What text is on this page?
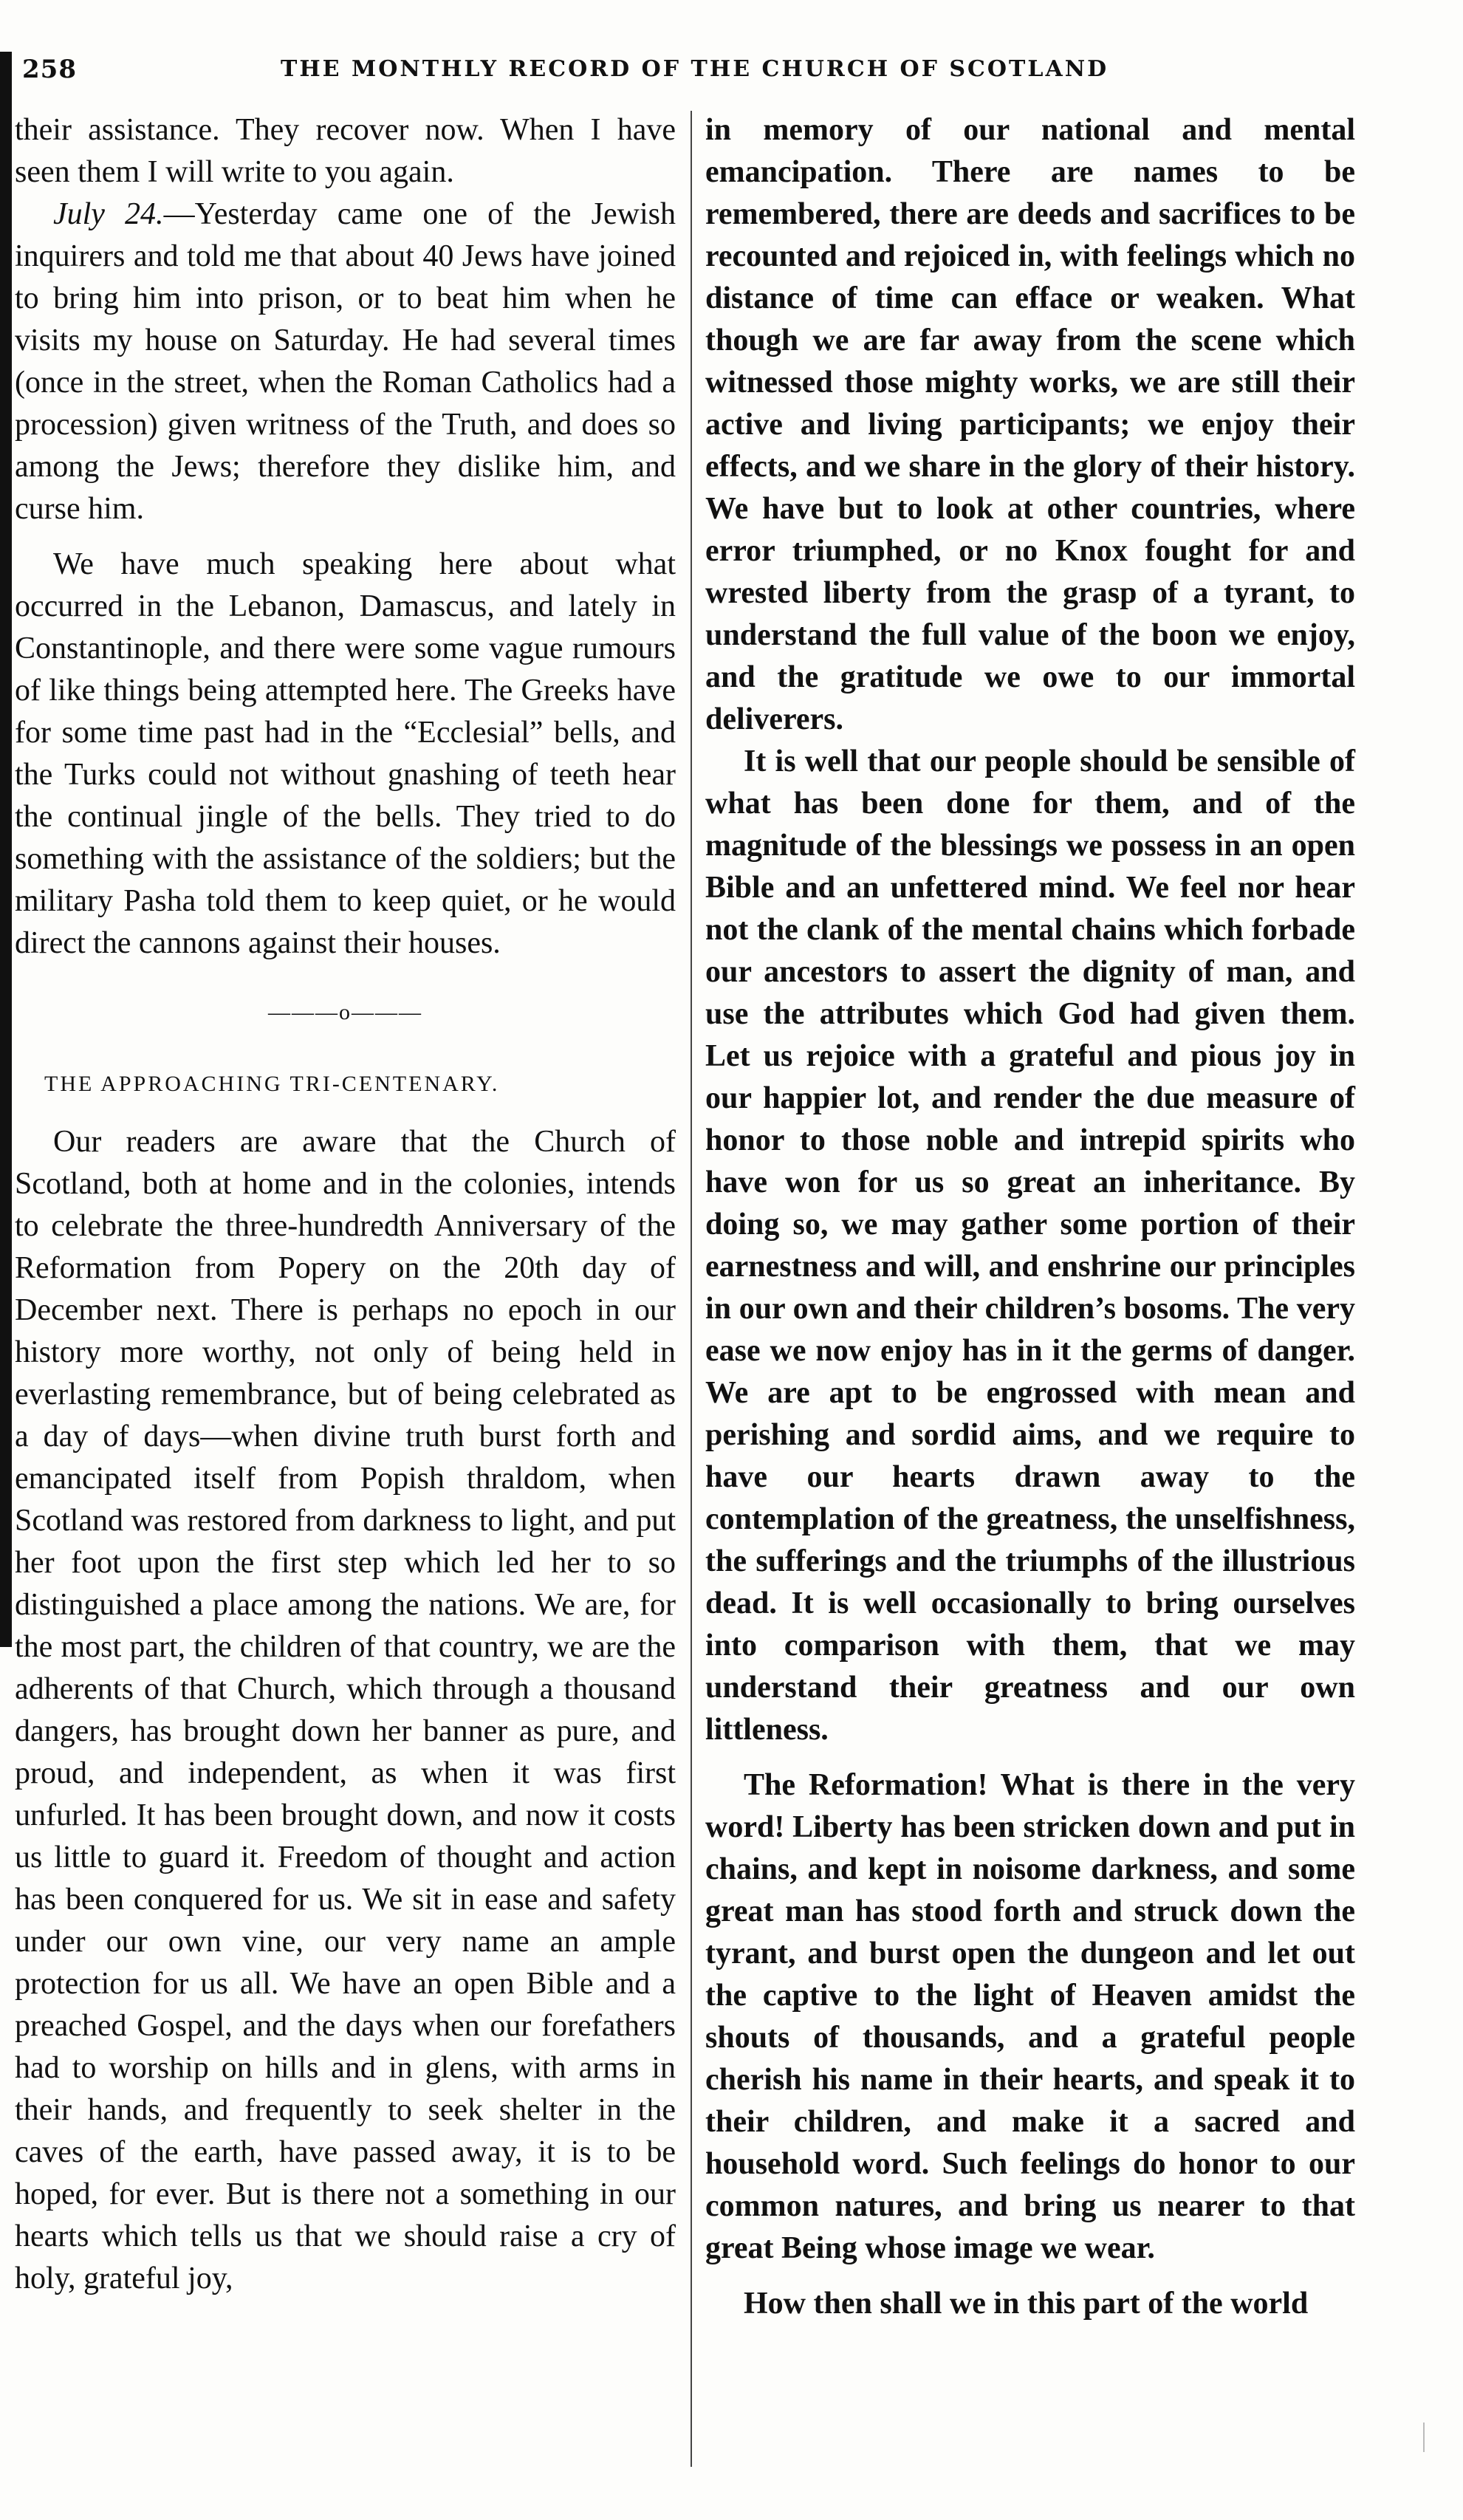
258	THE MONTHLY RECORD OF THE CHURCH OF SCOTLAND

their assistance. They recover now. When I have seen them I will write to you again.

July 24.—Yesterday came one of the Jewish inquirers and told me that about 40 Jews have joined to bring him into prison, or to beat him when he visits my house on Saturday. He had several times (once in the street, when the Roman Catholics had a procession) given writness of the Truth, and does so among the Jews; therefore they dislike him, and curse him.

We have much speaking here about what occurred in the Lebanon, Damascus, and lately in Constantinople, and there were some vague rumours of like things being attempted here. The Greeks have for some time past had in the “Ecclesial” bells, and the Turks could not without gnashing of teeth hear the continual jingle of the bells. They tried to do something with the assistance of the soldiers; but the military Pasha told them to keep quiet, or he would direct the cannons against their houses.

———o———
THE APPROACHING TRI-CENTENARY.

Our readers are aware that the Church of Scotland, both at home and in the colonies, intends to celebrate the three-hundredth Anniversary of the Reformation from Popery on the 20th day of December next. There is perhaps no epoch in our history more worthy, not only of being held in everlasting remembrance, but of being celebrated as a day of days—when divine truth burst forth and emancipated itself from Popish thraldom, when Scotland was restored from darkness to light, and put her foot upon the first step which led her to so distinguished a place among the nations. We are, for the most part, the children of that country, we are the adherents of that Church, which through a thousand dangers, has brought down her banner as pure, and proud, and independent, as when it was first unfurled. It has been brought down, and now it costs us little to guard it. Freedom of thought and action has been conquered for us. We sit in ease and safety under our own vine, our very name an ample protection for us all. We have an open Bible and a preached Gospel, and the days when our forefathers had to worship on hills and in glens, with arms in their hands, and frequently to seek shelter in the caves of the earth, have passed away, it is to be hoped, for ever. But is there not a something in our hearts which tells us that we should raise a cry of holy, grateful joy,

in memory of our national and mental emancipation. There are names to be remembered, there are deeds and sacrifices to be recounted and rejoiced in, with feelings which no distance of time can efface or weaken. What though we are far away from the scene which witnessed those mighty works, we are still their active and living participants; we enjoy their effects, and we share in the glory of their history. We have but to look at other countries, where error triumphed, or no Knox fought for and wrested liberty from the grasp of a tyrant, to understand the full value of the boon we enjoy, and the gratitude we owe to our immortal deliverers.

It is well that our people should be sensible of what has been done for them, and of the magnitude of the blessings we possess in an open Bible and an unfettered mind. We feel nor hear not the clank of the mental chains which forbade our ancestors to assert the dignity of man, and use the attributes which God had given them. Let us rejoice with a grateful and pious joy in our happier lot, and render the due measure of honor to those noble and intrepid spirits who have won for us so great an inheritance. By doing so, we may gather some portion of their earnestness and will, and enshrine our principles in our own and their children’s bosoms. The very ease we now enjoy has in it the germs of danger. We are apt to be engrossed with mean and perishing and sordid aims, and we require to have our hearts drawn away to the contemplation of the greatness, the unselfishness, the sufferings and the triumphs of the illustrious dead. It is well occasionally to bring ourselves into comparison with them, that we may understand their greatness and our own littleness.

The Reformation! What is there in the very word! Liberty has been stricken down and put in chains, and kept in noisome darkness, and some great man has stood forth and struck down the tyrant, and burst open the dungeon and let out the captive to the light of Heaven amidst the shouts of thousands, and a grateful people cherish his name in their hearts, and speak it to their children, and make it a sacred and household word. Such feelings do honor to our common natures, and bring us nearer to that great Being whose image we wear.

How then shall we in this part of the world
